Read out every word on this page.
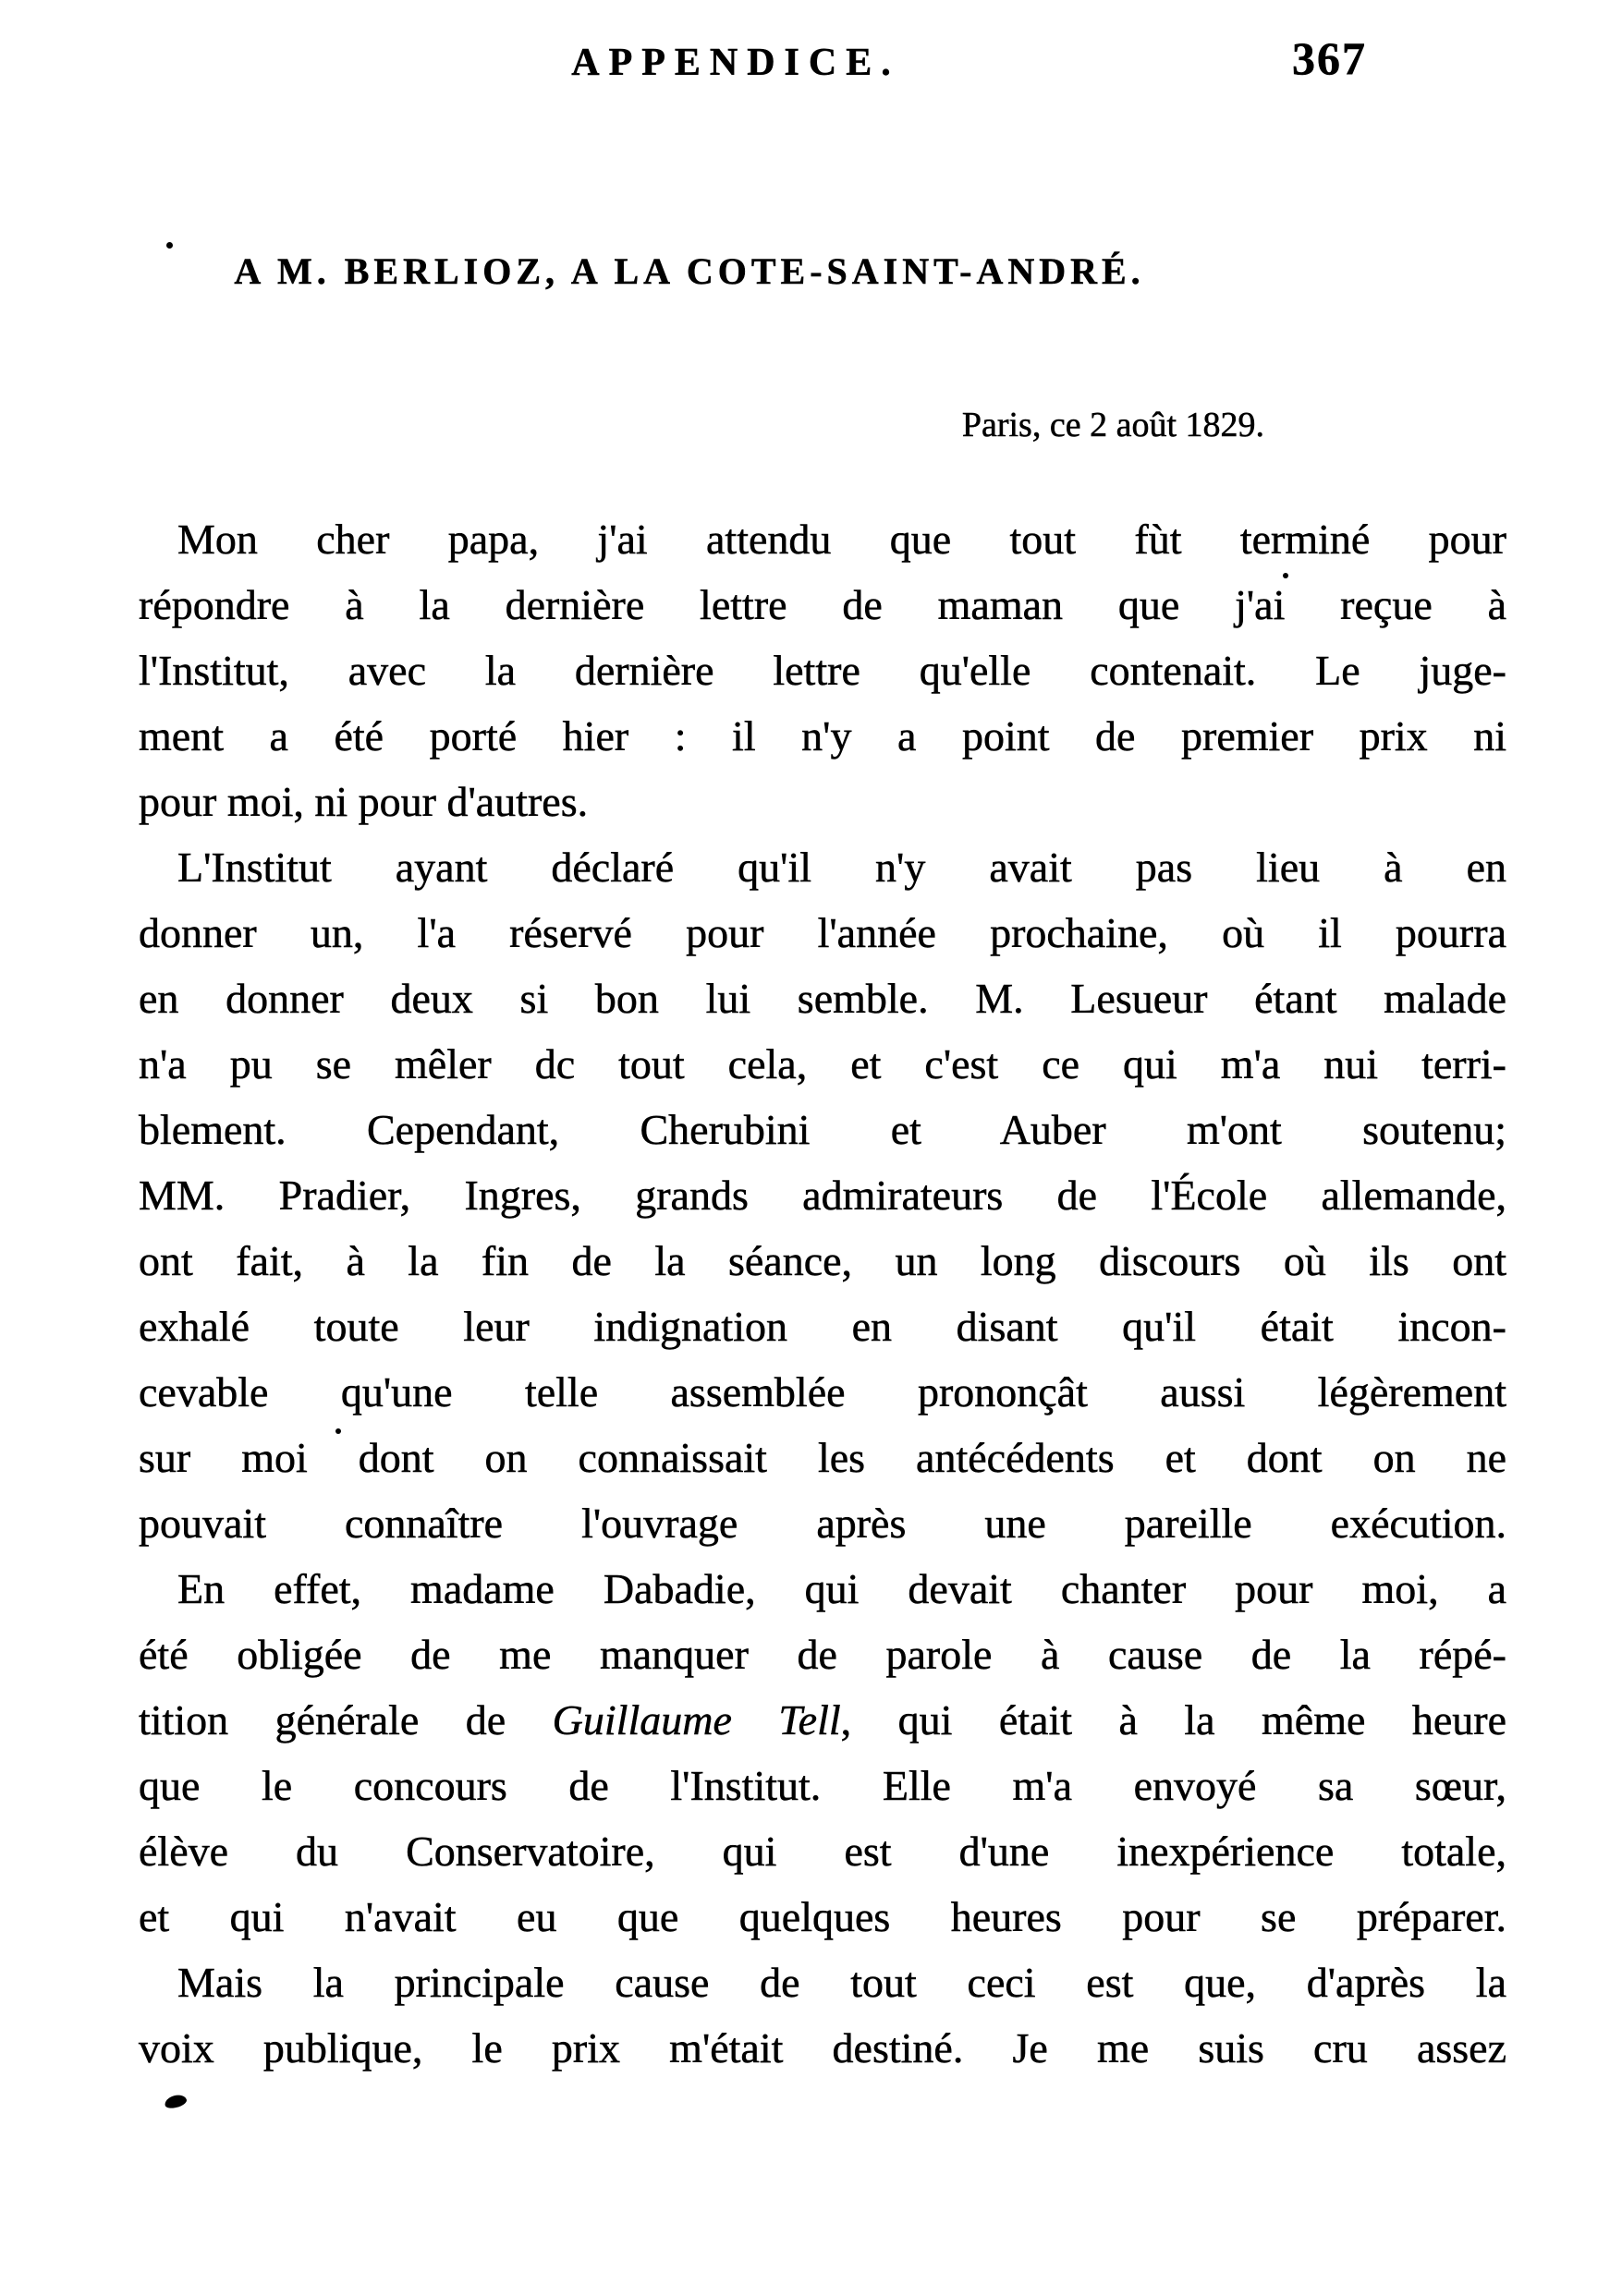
APPENDICE.	367
A M. BERLIOZ, A LA COTE-SAINT-ANDRÉ.
Paris, ce 2 août 1829.
Mon cher papa, j'ai attendu que tout fùt terminé pour
répondre à la dernière lettre de maman que j'ai reçue à
l'Institut, avec la dernière lettre qu'elle contenait. Le juge-
ment a été porté hier : il n'y a point de premier prix ni
pour moi, ni pour d'autres.
L'Institut ayant déclaré qu'il n'y avait pas lieu à en
donner un, l'a réservé pour l'année prochaine, où il pourra
en donner deux si bon lui semble. M. Lesueur étant malade
n'a pu se mêler dc tout cela, et c'est ce qui m'a nui terri-
blement. Cependant, Cherubini et Auber m'ont soutenu;
MM. Pradier, Ingres, grands admirateurs de l'École allemande,
ont fait, à la fin de la séance, un long discours où ils ont
exhalé toute leur indignation en disant qu'il était incon-
cevable qu'une telle assemblée prononçât aussi légèrement
sur moi dont on connaissait les antécédents et dont on ne
pouvait connaître l'ouvrage après une pareille exécution.
En effet, madame Dabadie, qui devait chanter pour moi, a
été obligée de me manquer de parole à cause de la répé-
tition générale de Guillaume Tell, qui était à la même heure
que le concours de l'Institut. Elle m'a envoyé sa sœur,
élève du Conservatoire, qui est d'une inexpérience totale,
et qui n'avait eu que quelques heures pour se préparer.
Mais la principale cause de tout ceci est que, d'après la
voix publique, le prix m'était destiné. Je me suis cru assez
